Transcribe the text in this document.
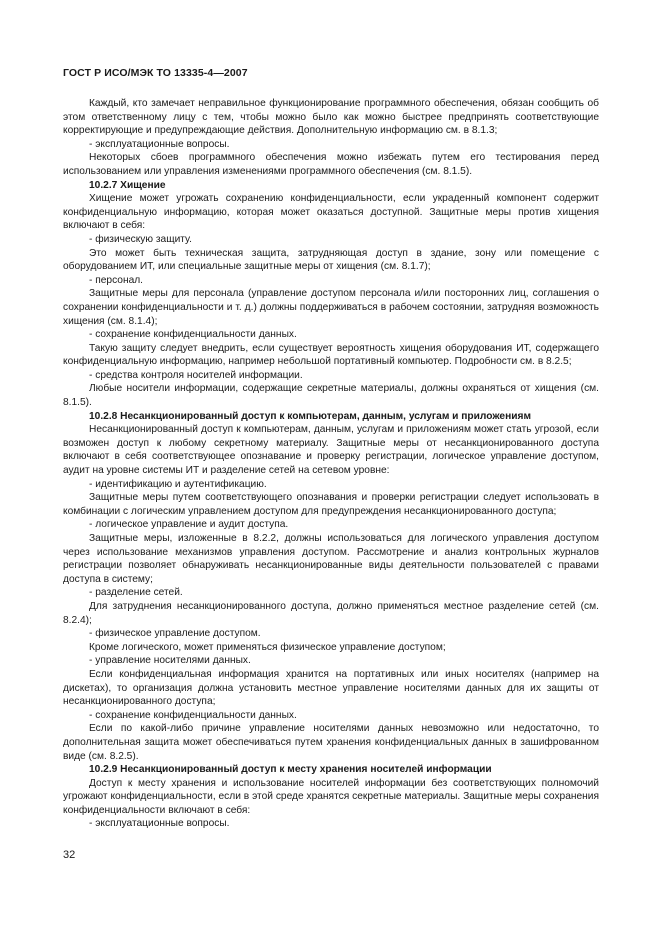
ГОСТ Р ИСО/МЭК ТО 13335-4—2007

Каждый, кто замечает неправильное функционирование программного обеспечения, обязан сообщить об этом ответственному лицу с тем, чтобы можно было как можно быстрее предпринять соответствующие корректирующие и предупреждающие действия. Дополнительную информацию см. в 8.1.3;

- эксплуатационные вопросы.

Некоторых сбоев программного обеспечения можно избежать путем его тестирования перед использованием или управления изменениями программного обеспечения (см. 8.1.5).

10.2.7 Хищение

Хищение может угрожать сохранению конфиденциальности, если украденный компонент содержит конфиденциальную информацию, которая может оказаться доступной. Защитные меры против хищения включают в себя:

- физическую защиту.

Это может быть техническая защита, затрудняющая доступ в здание, зону или помещение с оборудованием ИТ, или специальные защитные меры от хищения (см. 8.1.7);

- персонал.

Защитные меры для персонала (управление доступом персонала и/или посторонних лиц, соглашения о сохранении конфиденциальности и т. д.) должны поддерживаться в рабочем состоянии, затрудняя возможность хищения (см. 8.1.4);

- сохранение конфиденциальности данных.

Такую защиту следует внедрить, если существует вероятность хищения оборудования ИТ, содержащего конфиденциальную информацию, например небольшой портативный компьютер. Подробности см. в 8.2.5;

- средства контроля носителей информации.

Любые носители информации, содержащие секретные материалы, должны охраняться от хищения (см. 8.1.5).

10.2.8 Несанкционированный доступ к компьютерам, данным, услугам и приложениям

Несанкционированный доступ к компьютерам, данным, услугам и приложениям может стать угрозой, если возможен доступ к любому секретному материалу. Защитные меры от несанкционированного доступа включают в себя соответствующее опознавание и проверку регистрации, логическое управление доступом, аудит на уровне системы ИТ и разделение сетей на сетевом уровне:

- идентификацию и аутентификацию.

Защитные меры путем соответствующего опознавания и проверки регистрации следует использовать в комбинации с логическим управлением доступом для предупреждения несанкционированного доступа;

- логическое управление и аудит доступа.

Защитные меры, изложенные в 8.2.2, должны использоваться для логического управления доступом через использование механизмов управления доступом. Рассмотрение и анализ контрольных журналов регистрации позволяет обнаруживать несанкционированные виды деятельности пользователей с правами доступа в систему;

- разделение сетей.

Для затруднения несанкционированного доступа, должно применяться местное разделение сетей (см. 8.2.4);

- физическое управление доступом.

Кроме логического, может применяться физическое управление доступом;

- управление носителями данных.

Если конфиденциальная информация хранится на портативных или иных носителях (например на дискетах), то организация должна установить местное управление носителями данных для их защиты от несанкционированного доступа;

- сохранение конфиденциальности данных.

Если по какой-либо причине управление носителями данных невозможно или недостаточно, то дополнительная защита может обеспечиваться путем хранения конфиденциальных данных в зашифрованном виде (см. 8.2.5).

10.2.9 Несанкционированный доступ к месту хранения носителей информации

Доступ к месту хранения и использование носителей информации без соответствующих полномочий угрожают конфиденциальности, если в этой среде хранятся секретные материалы. Защитные меры сохранения конфиденциальности включают в себя:

- эксплуатационные вопросы.

32
